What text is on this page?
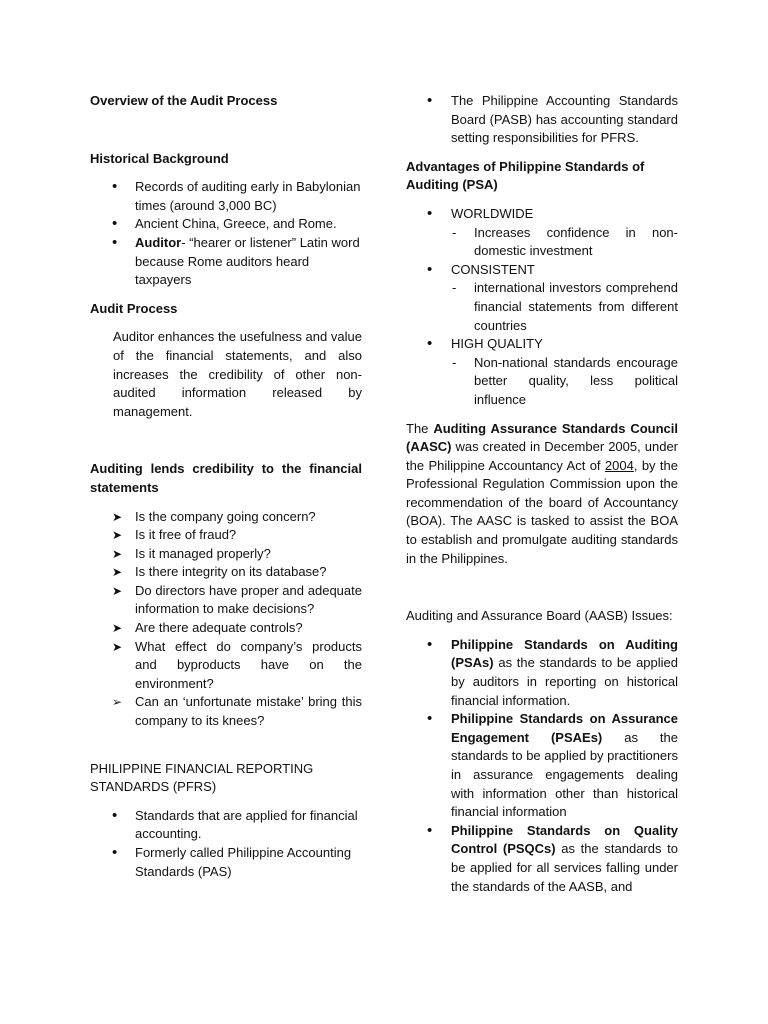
Overview of the Audit Process

Historical Background

• Records of auditing early in Babylonian times (around 3,000 BC)
• Ancient China, Greece, and Rome.
• Auditor- “hearer or listener” Latin word because Rome auditors heard taxpayers

Audit Process

Auditor enhances the usefulness and value of the financial statements, and also increases the credibility of other non-audited information released by management.

Auditing lends credibility to the financial statements

➤ Is the company going concern?
➤ Is it free of fraud?
➤ Is it managed properly?
➤ Is there integrity on its database?
➤ Do directors have proper and adequate information to make decisions?
➤ Are there adequate controls?
➤ What effect do company’s products and byproducts have on the environment?
➢ Can an ‘unfortunate mistake’ bring this company to its knees?

PHILIPPINE FINANCIAL REPORTING STANDARDS (PFRS)

• Standards that are applied for financial accounting.
• Formerly called Philippine Accounting Standards (PAS)
• The Philippine Accounting Standards Board (PASB) has accounting standard setting responsibilities for PFRS.

Advantages of Philippine Standards of Auditing (PSA)

• WORLDWIDE
- Increases confidence in non-domestic investment
• CONSISTENT
- international investors comprehend financial statements from different countries
• HIGH QUALITY
- Non-national standards encourage better quality, less political influence

The Auditing Assurance Standards Council (AASC) was created in December 2005, under the Philippine Accountancy Act of 2004, by the Professional Regulation Commission upon the recommendation of the board of Accountancy (BOA). The AASC is tasked to assist the BOA to establish and promulgate auditing standards in the Philippines.

Auditing and Assurance Board (AASB) Issues:

• Philippine Standards on Auditing (PSAs) as the standards to be applied by auditors in reporting on historical financial information.
• Philippine Standards on Assurance Engagement (PSAEs) as the standards to be applied by practitioners in assurance engagements dealing with information other than historical financial information
• Philippine Standards on Quality Control (PSQCs) as the standards to be applied for all services falling under the standards of the AASB, and
